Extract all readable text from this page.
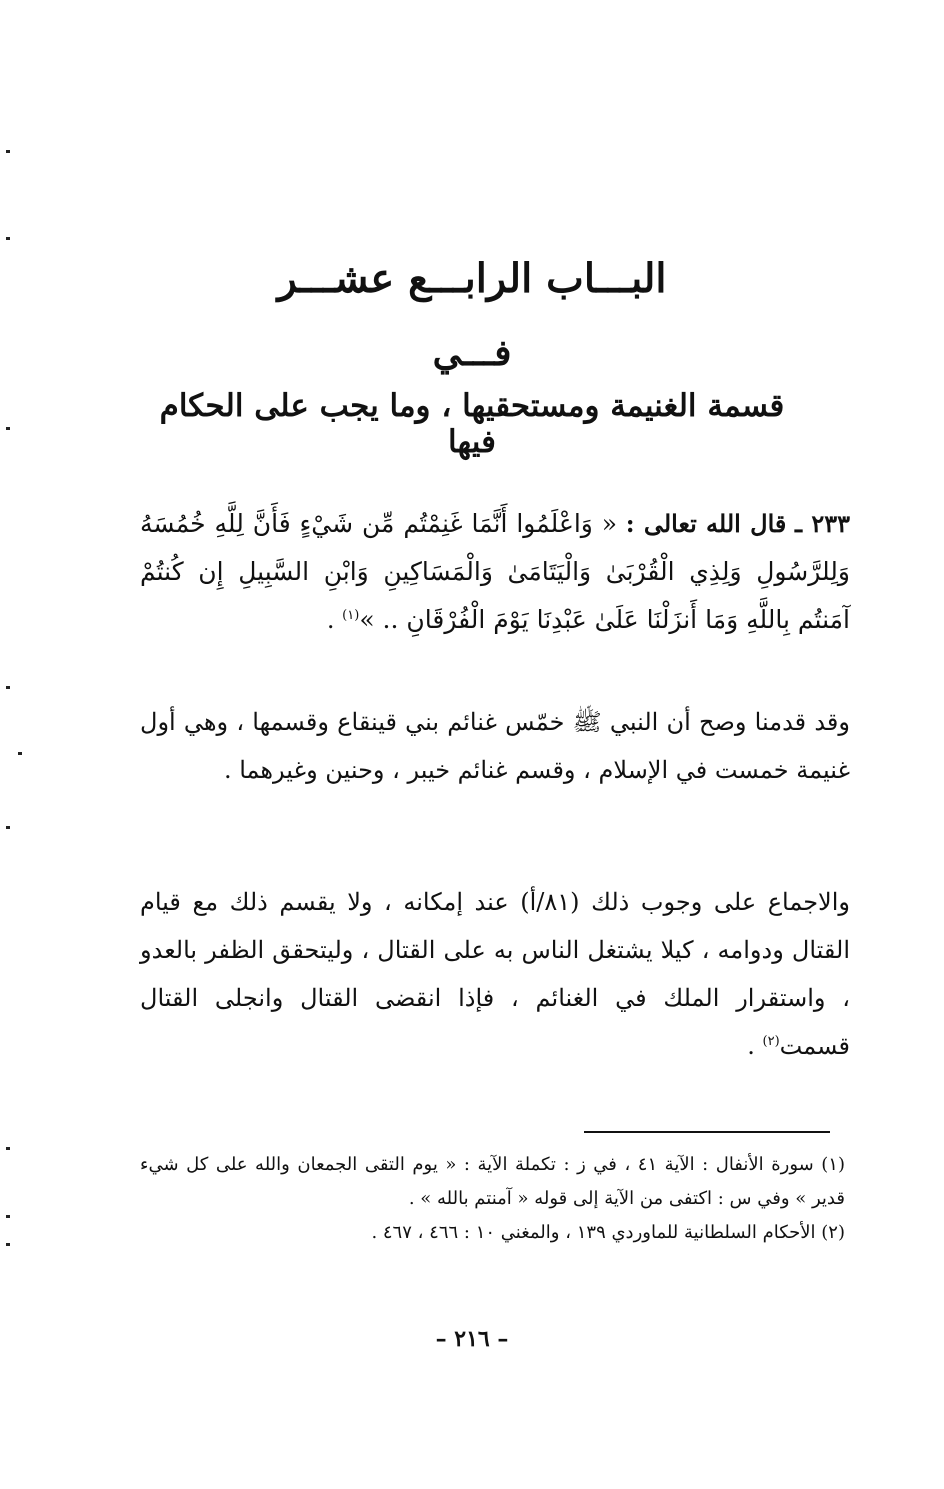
البـــاب الرابـــع عشـــر
فـــي
قسمة الغنيمة ومستحقيها ، وما يجب على الحكام فيها
٢٣٣ ـ قال الله تعالى : « وَاعْلَمُوا أَنَّمَا غَنِمْتُم مِّن شَيْءٍ فَأَنَّ لِلَّهِ خُمُسَهُ وَلِلرَّسُولِ وَلِذِي الْقُرْبَىٰ وَالْيَتَامَىٰ وَالْمَسَاكِينِ وَابْنِ السَّبِيلِ إِن كُنتُمْ آمَنتُم بِاللَّهِ وَمَا أَنزَلْنَا عَلَىٰ عَبْدِنَا يَوْمَ الْفُرْقَانِ .. »$^{(١)}$ .
وقد قدمنا وصح أن النبي ﷺ خمّس غنائم بني قينقاع وقسمها ، وهي أول غنيمة خمست في الإسلام ، وقسم غنائم خيبر ، وحنين وغيرهما .
والاجماع على وجوب ذلك (٨١/أ) عند إمكانه ، ولا يقسم ذلك مع قيام القتال ودوامه ، كيلا يشتغل الناس به على القتال ، وليتحقق الظفر بالعدو ، واستقرار الملك في الغنائم ، فإذا انقضى القتال وانجلى القتال قسمت$^{(٢)}$ .

(١) سورة الأنفال : الآية ٤١ ، في ز : تكملة الآية : « يوم التقى الجمعان والله على كل شيء قدير » وفي س : اكتفى من الآية إلى قوله « آمنتم بالله » .

(٢) الأحكام السلطانية للماوردي ١٣٩ ، والمغني ١٠ : ٤٦٦ ، ٤٦٧ .

– ٢١٦ –
